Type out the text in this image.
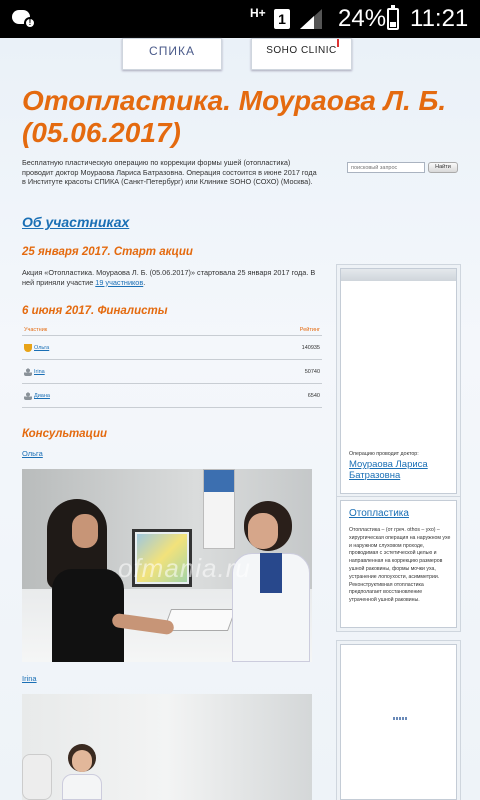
!
H+ 1 24% 11:21
СПИКА	SOHO CLINIC
Отопластика. Моураова Л. Б. (05.06.2017)

Бесплатную пластическую операцию по коррекции формы ушей (отопластика) проводит доктор Моураова Лариса Батразовна. Операция состоится в июне 2017 года в Институте красоты СПИКА (Санкт-Петербург) или Клинике SOHO (СОХО) (Москва).

поисковый запрос
Найти
Об участниках
25 января 2017. Старт акции

Акция «Отопластика. Моураова Л. Б. (05.06.2017)» стартовала 25 января 2017 года. В ней приняли участие 19 участников.

6 июня 2017. Финалисты
Участник	Рейтинг
Ольга	140935
Irina	50740
Диана	6540
Консультации
Ольга
ofmania.ru
Irina
Операцию проводит доктор:
Моураова Лариса Батразовна
Отопластика

Отопластика – (от греч. othos – ухо) – хирургическая операция на наружном ухе и наружном слуховом проходе, проводимая с эстетической целью и направленная на коррекцию размеров ушной раковины, формы мочки уха, устранение лопоухости, асимметрии. Реконструктивная отопластика предполагает восстановление утраченной ушной раковины.
